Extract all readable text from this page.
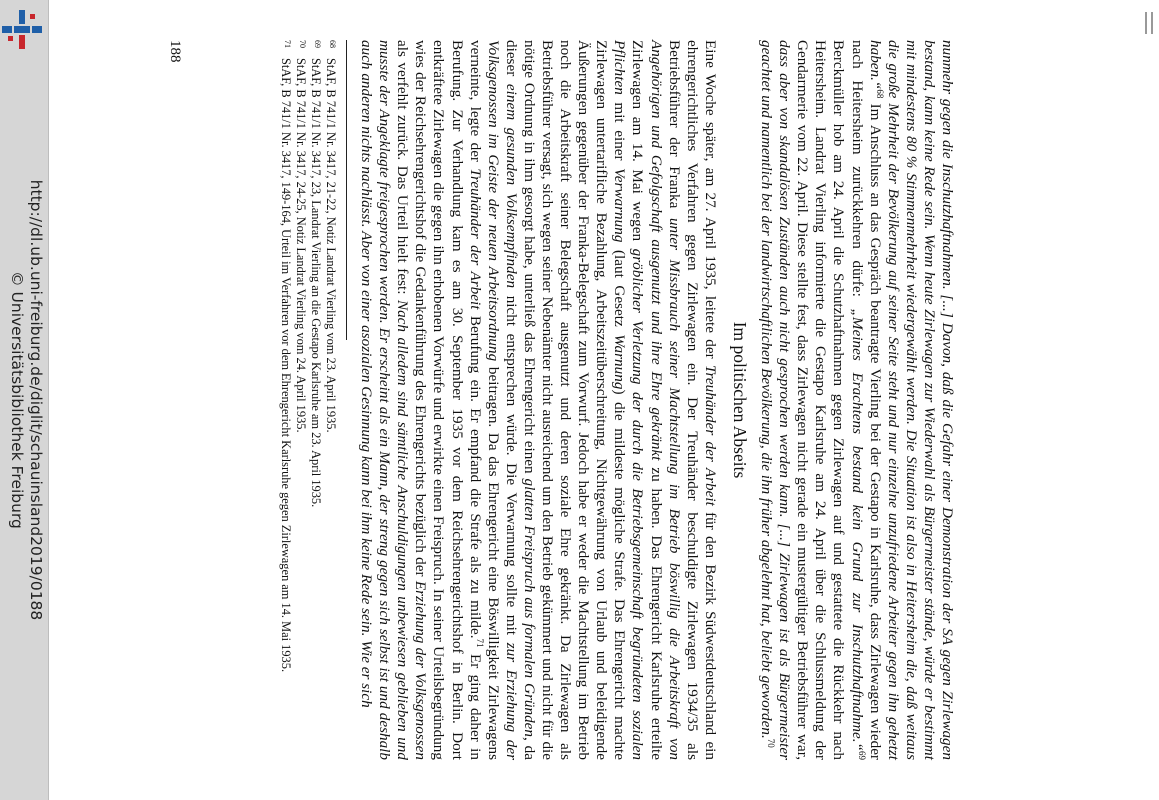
http://dl.ub.uni-freiburg.de/diglit/schauinsland2019/0188
© Universitätsbibliothek Freiburg	nunmehr gegen die Inschutzhaftnahmen. [...] Davon, daß die Gefahr einer Demonstration der SA gegen Zirlewagen bestand, kann keine Rede sein. Wenn heute Zirlewagen zur Wiederwahl als Bürgermeister stände, würde er bestimmt mit mindestens 80 % Stimmenmehrheit wiedergewählt werden. Die Situation ist also in Heitersheim die, daß weitaus die große Mehrheit der Bevölkerung auf seiner Seite steht und nur einzelne unzufriedene Arbeiter gegen ihn gehetzt haben.“$^{68}$ Im Anschluss an das Gespräch beantragte Vierling bei der Gestapo in Karlsruhe, dass Zirlewagen wieder nach Heitersheim zurückkehren dürfe: „Meines Erachtens bestand kein Grund zur Inschutzhaftnahme.“$^{69}$ Berckmüller hob am 24. April die Schutzhaftnahmen gegen Zirlewagen auf und gestattete die Rückkehr nach Heitersheim. Landrat Vierling informierte die Gestapo Karlsruhe am 24. April über die Schlussmeldung der Gendarmerie vom 22. April. Diese stellte fest, dass Zirlewagen nicht gerade ein mustergültiger Betriebsführer war, dass aber von skandalösen Zuständen auch nicht gesprochen werden kann. [...] Zirlewagen ist als Bürgermeister geachtet und namentlich bei der landwirtschaftlichen Bevölkerung, die ihn früher abgelehnt hat, beliebt geworden.$^{70}$

Im politischen Abseits

Eine Woche später, am 27. April 1935, leitete der Treuhänder der Arbeit für den Bezirk Südwestdeutschland ein ehrengerichtliches Verfahren gegen Zirlewagen ein. Der Treuhänder beschuldigte Zirlewagen 1934/35 als Betriebsführer der Franka unter Missbrauch seiner Machtstellung im Betrieb böswillig die Arbeitskraft von Angehörigen und Gefolgschaft ausgenutzt und ihre Ehre gekränkt zu haben. Das Ehrengericht Karlsruhe erteilte Zirlewagen am 14. Mai wegen gröblicher Verletzung der durch die Betriebsgemeinschaft begründeten sozialen Pflichten mit einer Verwarnung (laut Gesetz Warnung) die mildeste mögliche Strafe. Das Ehrengericht machte Zirlewagen untertarifliche Bezahlung, Arbeitszeitüberschreitung, Nichtgewährung von Urlaub und beleidigende Äußerungen gegenüber der Franka-Belegschaft zum Vorwurf. Jedoch habe er weder die Machtstellung im Betrieb noch die Arbeitskraft seiner Belegschaft ausgenutzt und deren soziale Ehre gekränkt. Da Zirlewagen als Betriebsführer versagt, sich wegen seiner Nebenämter nicht ausreichend um den Betrieb gekümmert und nicht für die nötige Ordnung in ihm gesorgt habe, unterließ das Ehrengericht einen glatten Freispruch aus formalen Gründen, da dieser einem gesunden Volksempfinden nicht entsprechen würde. Die Verwarnung sollte mit zur Erziehung der Volksgenossen im Geiste der neuen Arbeitsordnung beitragen. Da das Ehrengericht eine Böswilligkeit Zirlewagens verneinte, legte der Treuhänder der Arbeit Berufung ein. Er empfand die Strafe als zu milde.$^{71}$ Er ging daher in Berufung. Zur Verhandlung kam es am 30. September 1935 vor dem Reichsehrengerichtshof in Berlin. Dort entkräftete Zirlewagen die gegen ihn erhobenen Vorwürfe und erwirkte einen Freispruch. In seiner Urteilsbegründung wies der Reichsehrengerichtshof die Gedankenführung des Ehrengerichts bezüglich der Erziehung der Volksgenossen als verfehlt zurück. Das Urteil hielt fest: Nach alledem sind sämtliche Anschuldigungen unbewiesen geblieben und musste der Angeklagte freigesprochen werden. Er erscheint als ein Mann, der streng gegen sich selbst ist und deshalb auch anderen nichts nachlässt. Aber von einer asozialen Gesinnung kann bei ihm keine Rede sein. Wie er sich

68
StAF, B 741/1 Nr. 3417, 21-22, Notiz Landrat Vierling vom 23. April 1935.
69
StAF, B 741/1 Nr. 3417, 23, Landrat Vierling an die Gestapo Karlsruhe am 23. April 1935.
70
StAF, B 741/1 Nr. 3417, 24-25, Notiz Landrat Vierling vom 24. April 1935.
71
StAF, B 741/1 Nr. 3417, 149-164, Urteil im Verfahren vor dem Ehrengericht Karlsruhe gegen Zirlewagen am 14. Mai 1935.
188
